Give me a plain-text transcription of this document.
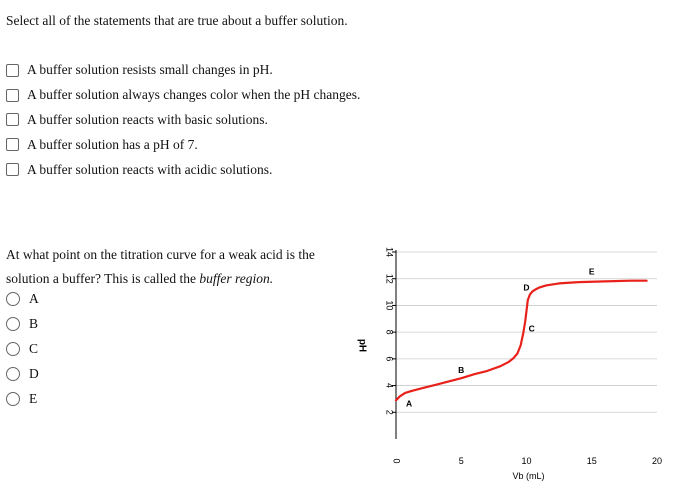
Select all of the statements that are true about a buffer solution.
A buffer solution resists small changes in pH.
A buffer solution always changes color when the pH changes.
A buffer solution reacts with basic solutions.
A buffer solution has a pH of 7.
A buffer solution reacts with acidic solutions.
At what point on the titration curve for a weak acid is the
solution a buffer? This is called the buffer region.
A
B
C
D
E
2
4
6
8
10
12
14
pH
0	5	10	15	20
Vb (mL)
A
B
C
D
E
